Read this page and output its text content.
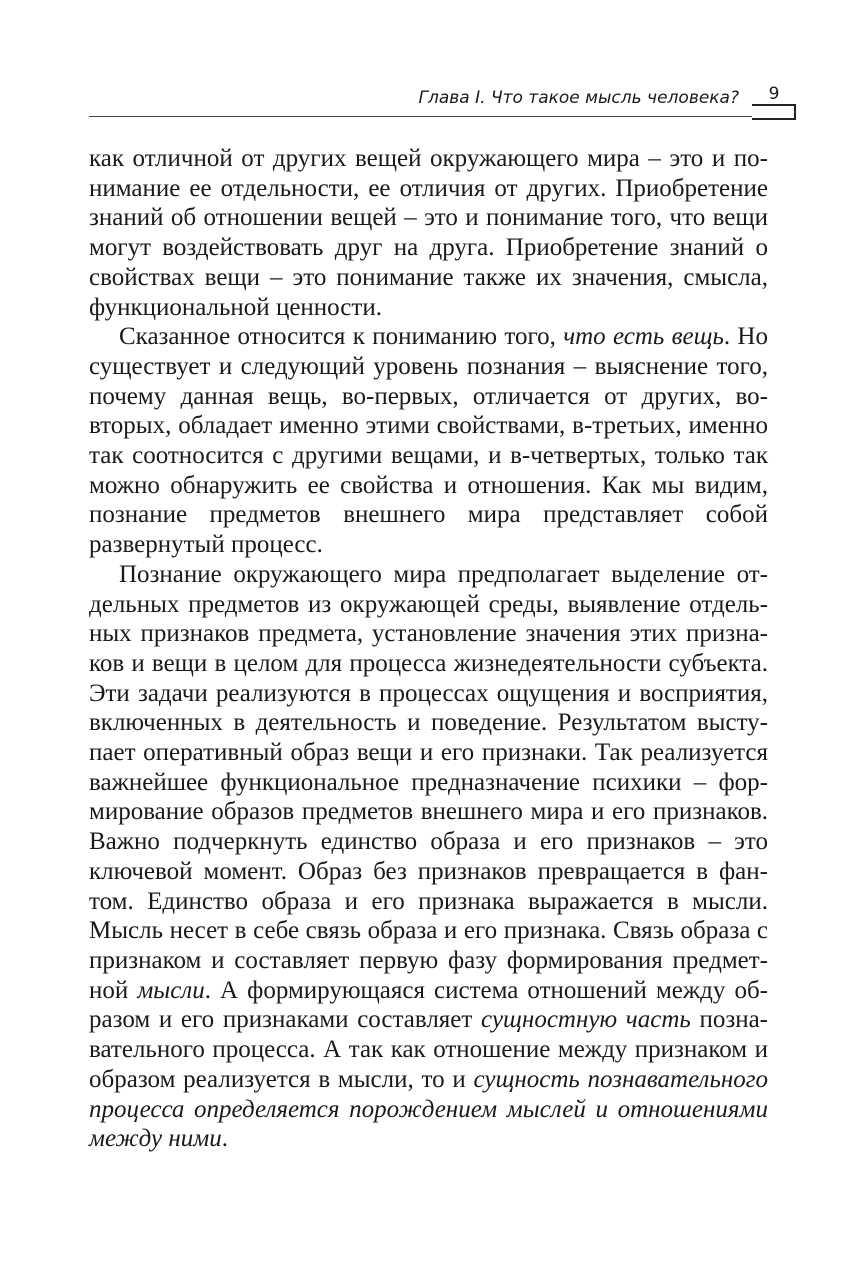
Глава I. Что такое мысль человека?	9

как отличной от других вещей окружающего мира – это и понимание ее отдельности, ее отличия от других. Приобретение знаний об отношении вещей – это и понимание того, что вещи могут воздействовать друг на друга. Приобретение знаний о свойствах вещи – это понимание также их значения, смысла, функциональной ценности.

Сказанное относится к пониманию того, что есть вещь. Но существует и следующий уровень познания – выяснение того, почему данная вещь, во-первых, отличается от других, вовторых, обладает именно этими свойствами, в-третьих, именно так соотносится с другими вещами, и в-четвертых, только так можно обнаружить ее свойства и отношения. Как мы видим, познание предметов внешнего мира представляет собой развернутый процесс.

Познание окружающего мира предполагает выделение отдельных предметов из окружающей среды, выявление отдельных признаков предмета, установление значения этих признаков и вещи в целом для процесса жизнедеятельности субъекта. Эти задачи реализуются в процессах ощущения и восприятия, включенных в деятельность и поведение. Результатом выступает оперативный образ вещи и его признаки. Так реализуется важнейшее функциональное предназначение психики – формирование образов предметов внешнего мира и его признаков. Важно подчеркнуть единство образа и его признаков – это ключевой момент. Образ без признаков превращается в фантом. Единство образа и его признака выражается в мысли. Мысль несет в себе связь образа и его признака. Связь образа с признаком и составляет первую фазу формирования предметной мысли. А формирующаяся система отношений между образом и его признаками составляет сущностную часть познавательного процесса. А так как отношение между признаком и образом реализуется в мысли, то и сущность познавательного процесса определяется порождением мыслей и отношениями между ними.
